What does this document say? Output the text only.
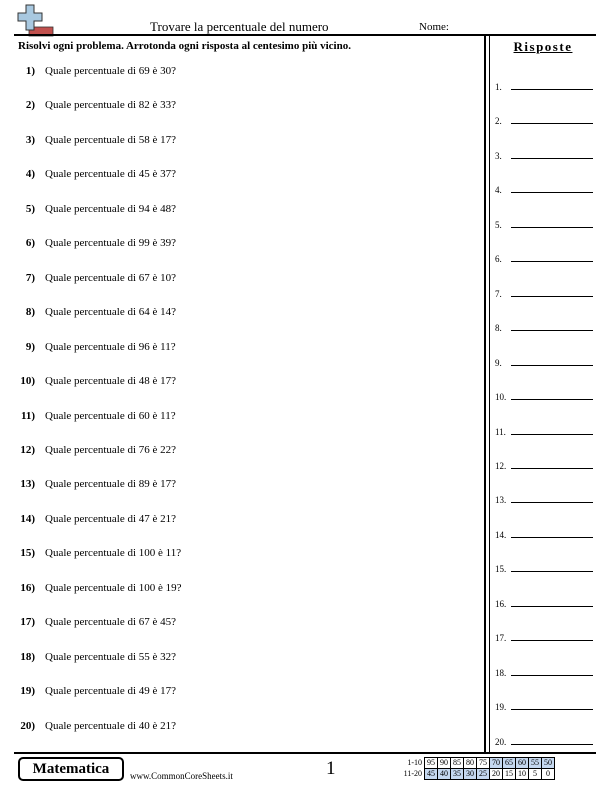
Trovare la percentuale del numero	Nome:
Risolvi ogni problema. Arrotonda ogni risposta al centesimo più vicino.	Risposte
1) Quale percentuale di 69 è 30?
2) Quale percentuale di 82 è 33?
3) Quale percentuale di 58 è 17?
4) Quale percentuale di 45 è 37?
5) Quale percentuale di 94 è 48?
6) Quale percentuale di 99 è 39?
7) Quale percentuale di 67 è 10?
8) Quale percentuale di 64 è 14?
9) Quale percentuale di 96 è 11?
10) Quale percentuale di 48 è 17?
11) Quale percentuale di 60 è 11?
12) Quale percentuale di 76 è 22?
13) Quale percentuale di 89 è 17?
14) Quale percentuale di 47 è 21?
15) Quale percentuale di 100 è 11?
16) Quale percentuale di 100 è 19?
17) Quale percentuale di 67 è 45?
18) Quale percentuale di 55 è 32?
19) Quale percentuale di 49 è 17?
20) Quale percentuale di 40 è 21?
1.
2.
3.
4.
5.
6.
7.
8.
9.
10.
11.
12.
13.
14.
15.
16.
17.
18.
19.
20.
Matematica	www.CommonCoreSheets.it	1	1-10	95	90	85	80	75	70	65	60	55	50
11-20	45	40	35	30	25	20	15	10	5	0
